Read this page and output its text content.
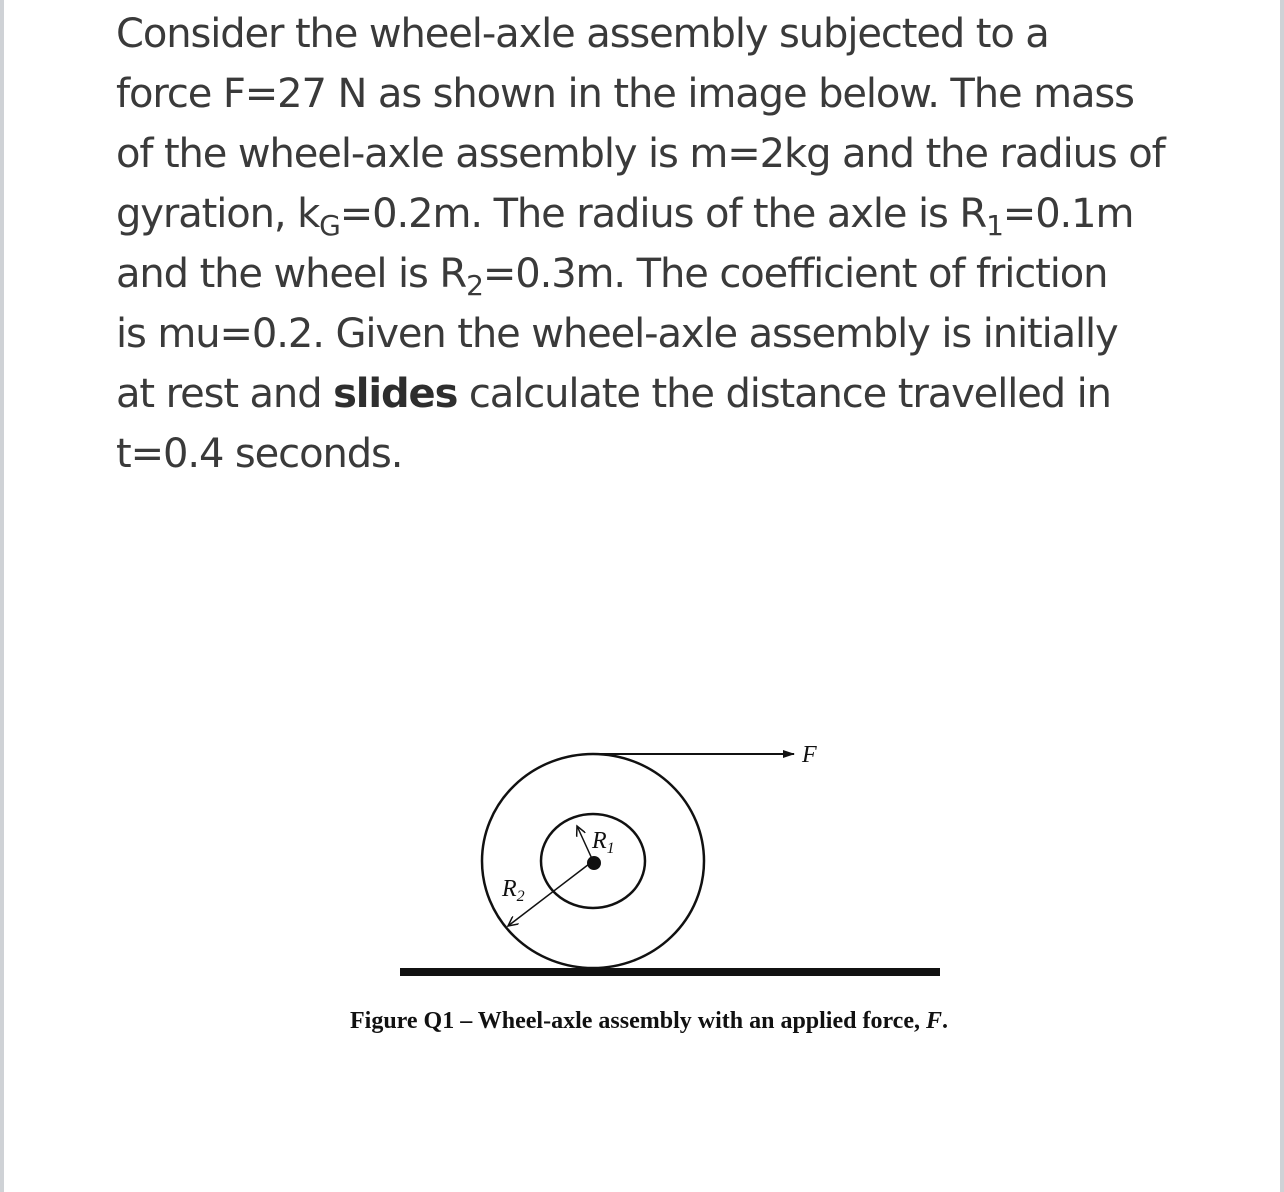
Consider the wheel-axle assembly subjected to a
force F=27 N as shown in the image below. The mass
of the wheel-axle assembly is m=2kg and the radius of
gyration, $k_G=0.2m$. The radius of the axle is $R_1=0.1m$
and the wheel is $R_2=0.3m$. The coefficient of friction
is mu=0.2. Given the wheel-axle assembly is initially
at rest and slides calculate the distance travelled in
t=0.4 seconds.

F
$R_1$
$R_2$
Figure Q1 – Wheel-axle assembly with an applied force, F.
